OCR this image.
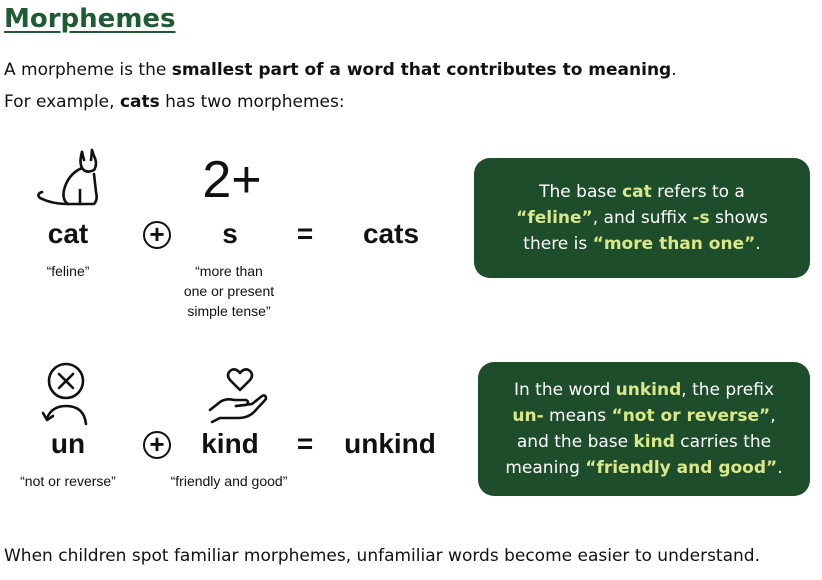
Morphemes
A morpheme is the smallest part of a word that contributes to meaning.
For example, cats has two morphemes:
2+
cat	+	s	=	cats
“feline”	“more than
one or present
simple tense”
The base cat refers to a “feline”, and suffix -s shows there is “more than one”.
un	+	kind	=	unkind
“not or reverse”	“friendly and good”
In the word unkind, the prefix un- means “not or reverse”, and the base kind carries the meaning “friendly and good”.
When children spot familiar morphemes, unfamiliar words become easier to understand.
